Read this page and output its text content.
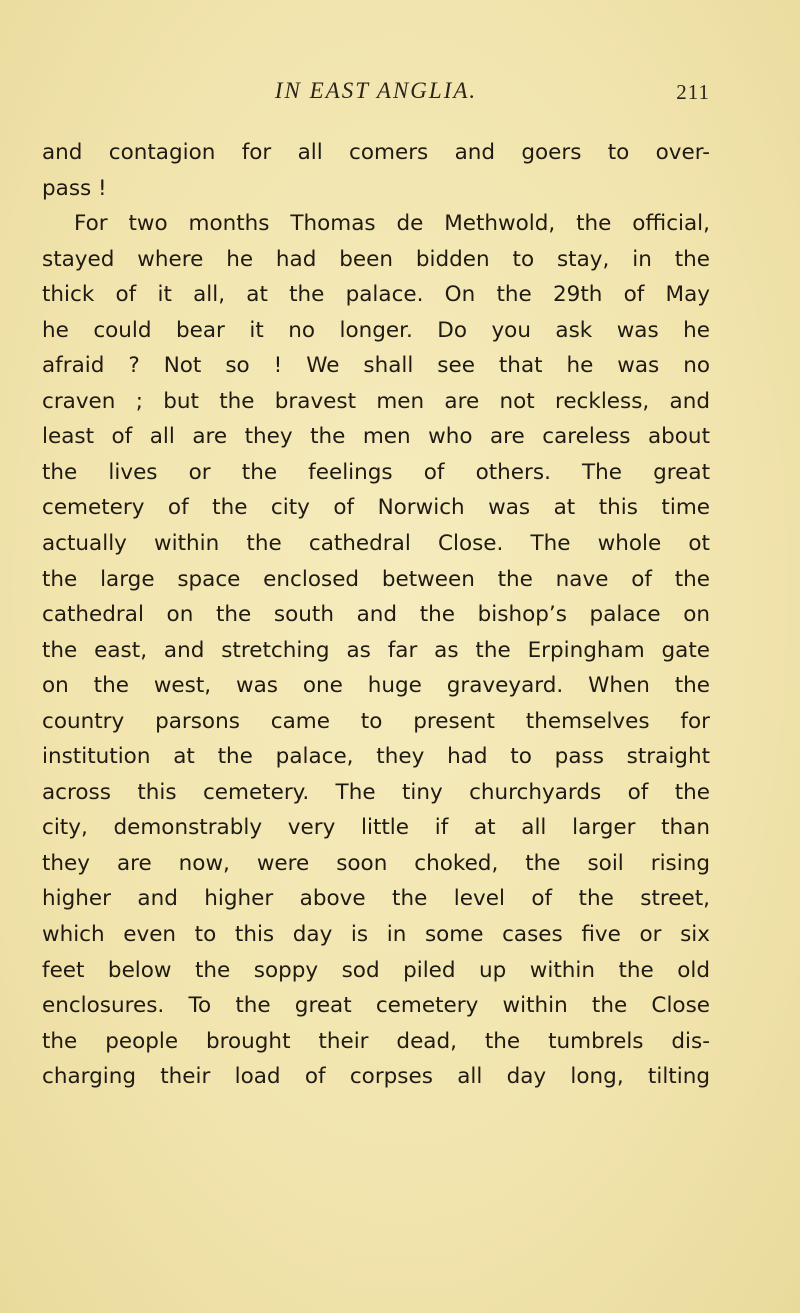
IN EAST ANGLIA.	211
and contagion for all comers and goers to over-
pass !
For two months Thomas de Methwold, the official,
stayed where he had been bidden to stay, in the
thick of it all, at the palace. On the 29th of May
he could bear it no longer. Do you ask was he
afraid ? Not so ! We shall see that he was no
craven ; but the bravest men are not reckless, and
least of all are they the men who are careless about
the lives or the feelings of others. The great
cemetery of the city of Norwich was at this time
actually within the cathedral Close. The whole ot
the large space enclosed between the nave of the
cathedral on the south and the bishop’s palace on
the east, and stretching as far as the Erpingham gate
on the west, was one huge graveyard. When the
country parsons came to present themselves for
institution at the palace, they had to pass straight
across this cemetery. The tiny churchyards of the
city, demonstrably very little if at all larger than
they are now, were soon choked, the soil rising
higher and higher above the level of the street,
which even to this day is in some cases five or six
feet below the soppy sod piled up within the old
enclosures. To the great cemetery within the Close
the people brought their dead, the tumbrels dis-
charging their load of corpses all day long, tilting
